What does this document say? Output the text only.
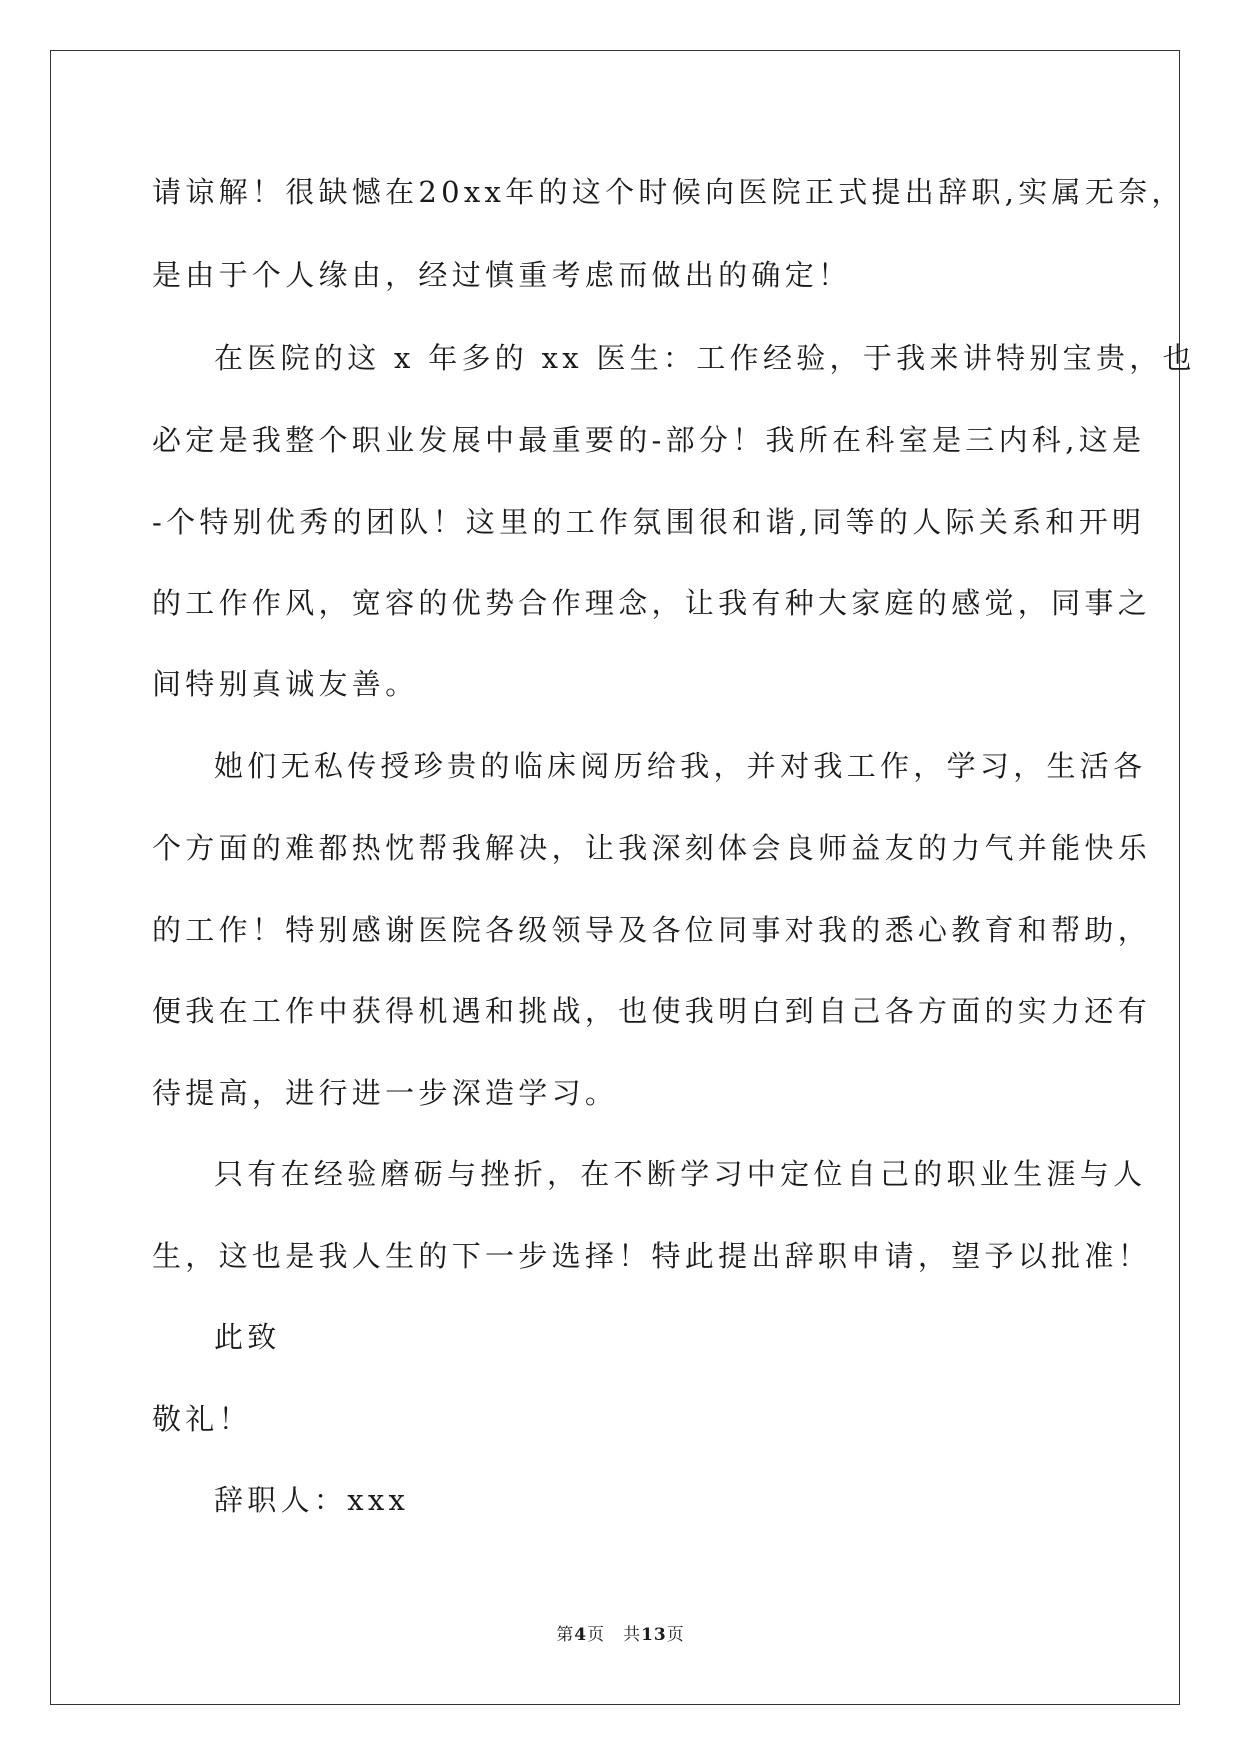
请谅解！很缺憾在20xx年的这个时候向医院正式提出辞职,实属无奈，
是由于个人缘由，经过慎重考虑而做出的确定！
在医院的这 x 年多的 xx 医生：工作经验，于我来讲特别宝贵，也
必定是我整个职业发展中最重要的-部分！我所在科室是三内科,这是
-个特别优秀的团队！这里的工作氛围很和谐,同等的人际关系和开明
的工作作风，宽容的优势合作理念，让我有种大家庭的感觉，同事之
间特别真诚友善。
她们无私传授珍贵的临床阅历给我，并对我工作，学习，生活各
个方面的难都热忱帮我解决，让我深刻体会良师益友的力气并能快乐
的工作！特别感谢医院各级领导及各位同事对我的悉心教育和帮助，
便我在工作中获得机遇和挑战，也使我明白到自己各方面的实力还有
待提高，进行进一步深造学习。
只有在经验磨砺与挫折，在不断学习中定位自己的职业生涯与人
生，这也是我人生的下一步选择！特此提出辞职申请，望予以批准！
此致
敬礼！
辞职人：xxx
第4页　共13页
